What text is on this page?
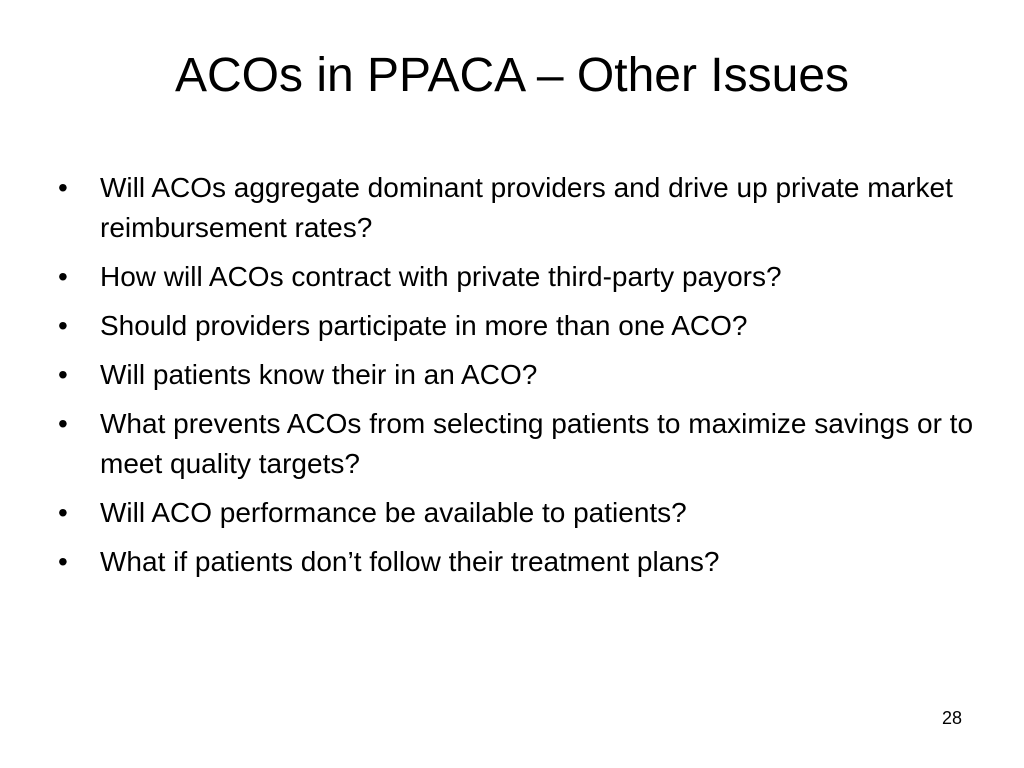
ACOs in PPACA – Other Issues
•	Will ACOs aggregate dominant providers and drive up private market reimbursement rates?
•	How will ACOs contract with private third-party payors?
•	Should providers participate in more than one ACO?
•	Will patients know their in an ACO?
•	What prevents ACOs from selecting patients to maximize savings or to meet quality targets?
•	Will ACO performance be available to patients?
•	What if patients don’t follow their treatment plans?
28
